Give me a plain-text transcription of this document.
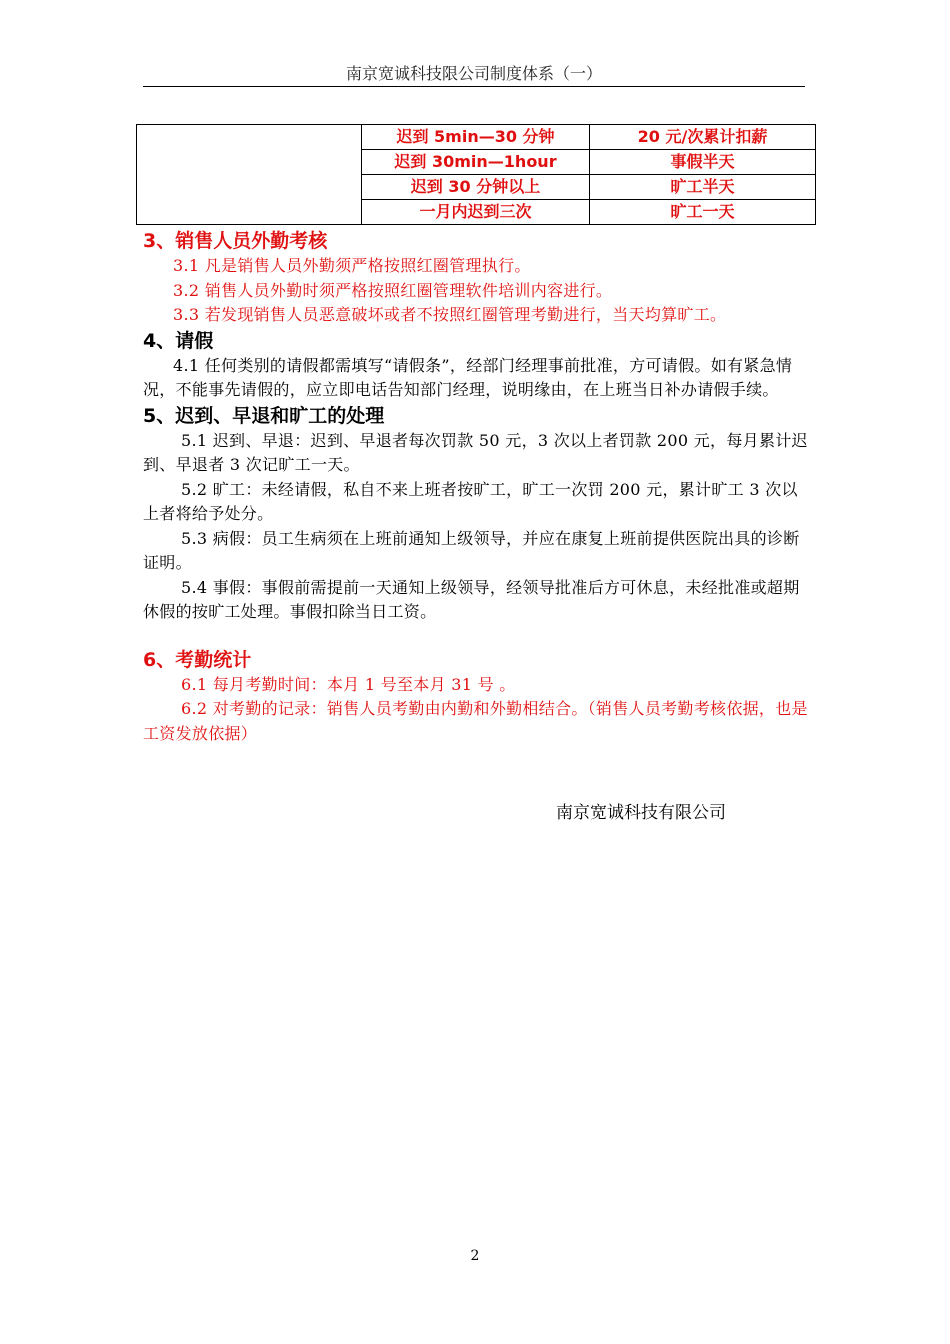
南京宽诚科技限公司制度体系（一）
	迟到 5min—30 分钟	20 元/次累计扣薪
	迟到 30min—1hour	事假半天
	迟到 30 分钟以上	旷工半天
	一月内迟到三次	旷工一天

3、销售人员外勤考核

3.1 凡是销售人员外勤须严格按照红圈管理执行。

3.2 销售人员外勤时须严格按照红圈管理软件培训内容进行。

3.3 若发现销售人员恶意破坏或者不按照红圈管理考勤进行，当天均算旷工。

4、请假

4.1 任何类别的请假都需填写“请假条”，经部门经理事前批准，方可请假。如有紧急情况，不能事先请假的，应立即电话告知部门经理，说明缘由，在上班当日补办请假手续。

5、迟到、早退和旷工的处理

5.1 迟到、早退：迟到、早退者每次罚款 50 元，3 次以上者罚款 200 元，每月累计迟到、早退者 3 次记旷工一天。

5.2 旷工：未经请假，私自不来上班者按旷工，旷工一次罚 200 元，累计旷工 3 次以上者将给予处分。

5.3 病假：员工生病须在上班前通知上级领导，并应在康复上班前提供医院出具的诊断证明。

5.4 事假：事假前需提前一天通知上级领导，经领导批准后方可休息，未经批准或超期休假的按旷工处理。事假扣除当日工资。

6、考勤统计

6.1 每月考勤时间：本月 1 号至本月 31 号 。

6.2 对考勤的记录：销售人员考勤由内勤和外勤相结合。（销售人员考勤考核依据，也是工资发放依据）

南京宽诚科技有限公司
2
